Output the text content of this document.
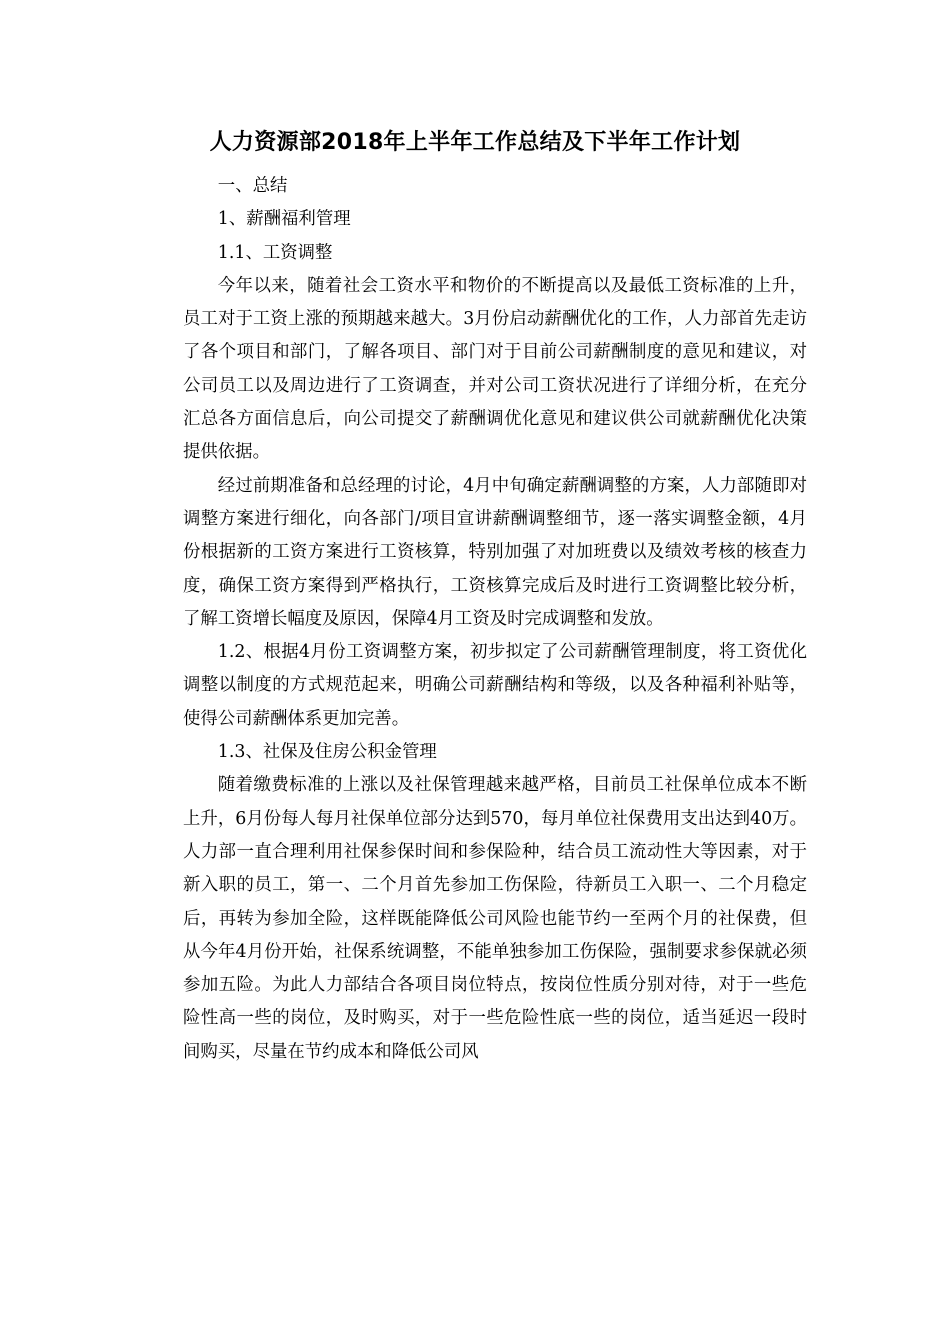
人力资源部2018年上半年工作总结及下半年工作计划

一、总结

1、薪酬福利管理

1.1、工资调整

今年以来，随着社会工资水平和物价的不断提高以及最低工资标准的上升，员工对于工资上涨的预期越来越大。3月份启动薪酬优化的工作，人力部首先走访了各个项目和部门，了解各项目、部门对于目前公司薪酬制度的意见和建议，对公司员工以及周边进行了工资调查，并对公司工资状况进行了详细分析，在充分汇总各方面信息后，向公司提交了薪酬调优化意见和建议供公司就薪酬优化决策提供依据。

经过前期准备和总经理的讨论，4月中旬确定薪酬调整的方案，人力部随即对调整方案进行细化，向各部门/项目宣讲薪酬调整细节，逐一落实调整金额，4月份根据新的工资方案进行工资核算，特别加强了对加班费以及绩效考核的核查力度，确保工资方案得到严格执行，工资核算完成后及时进行工资调整比较分析，了解工资增长幅度及原因，保障4月工资及时完成调整和发放。

1.2、根据4月份工资调整方案，初步拟定了公司薪酬管理制度，将工资优化调整以制度的方式规范起来，明确公司薪酬结构和等级，以及各种福利补贴等，使得公司薪酬体系更加完善。

1.3、社保及住房公积金管理

随着缴费标准的上涨以及社保管理越来越严格，目前员工社保单位成本不断上升，6月份每人每月社保单位部分达到570，每月单位社保费用支出达到40万。人力部一直合理利用社保参保时间和参保险种，结合员工流动性大等因素，对于新入职的员工，第一、二个月首先参加工伤保险，待新员工入职一、二个月稳定后，再转为参加全险，这样既能降低公司风险也能节约一至两个月的社保费，但从今年4月份开始，社保系统调整，不能单独参加工伤保险，强制要求参保就必须参加五险。为此人力部结合各项目岗位特点，按岗位性质分别对待，对于一些危险性高一些的岗位，及时购买，对于一些危险性底一些的岗位，适当延迟一段时间购买，尽量在节约成本和降低公司风
